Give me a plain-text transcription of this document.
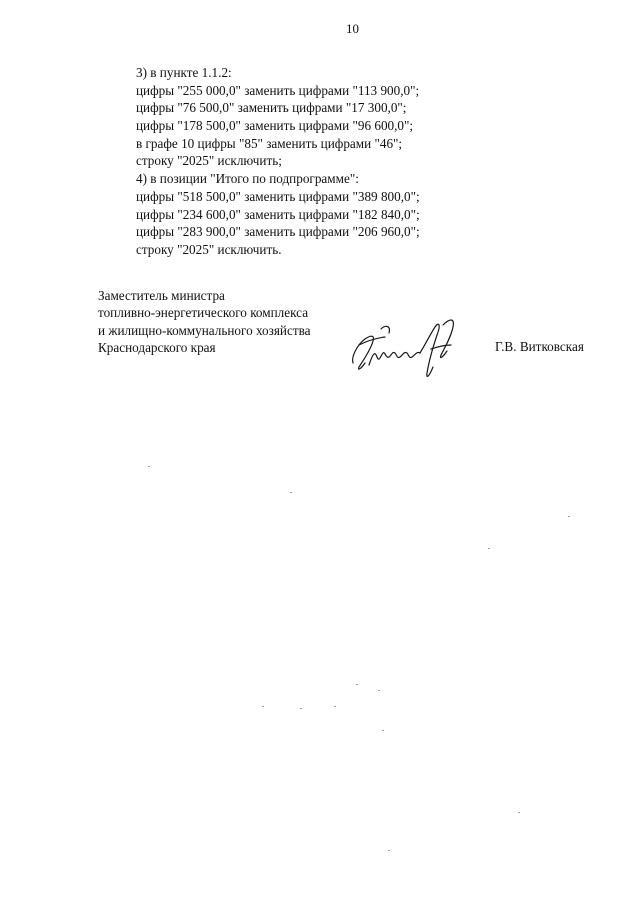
10
3) в пункте 1.1.2:
цифры "255 000,0" заменить цифрами "113 900,0";
цифры "76 500,0" заменить цифрами "17 300,0";
цифры "178 500,0" заменить цифрами "96 600,0";
в графе 10 цифры "85" заменить цифрами "46";
строку "2025" исключить;
4) в позиции "Итого по подпрограмме":
цифры "518 500,0" заменить цифрами "389 800,0";
цифры "234 600,0" заменить цифрами "182 840,0";
цифры "283 900,0" заменить цифрами "206 960,0";
строку "2025" исключить.
Заместитель министра
топливно-энергетического комплекса
и жилищно-коммунального хозяйства
Краснодарского края	Г.В. Витковская
